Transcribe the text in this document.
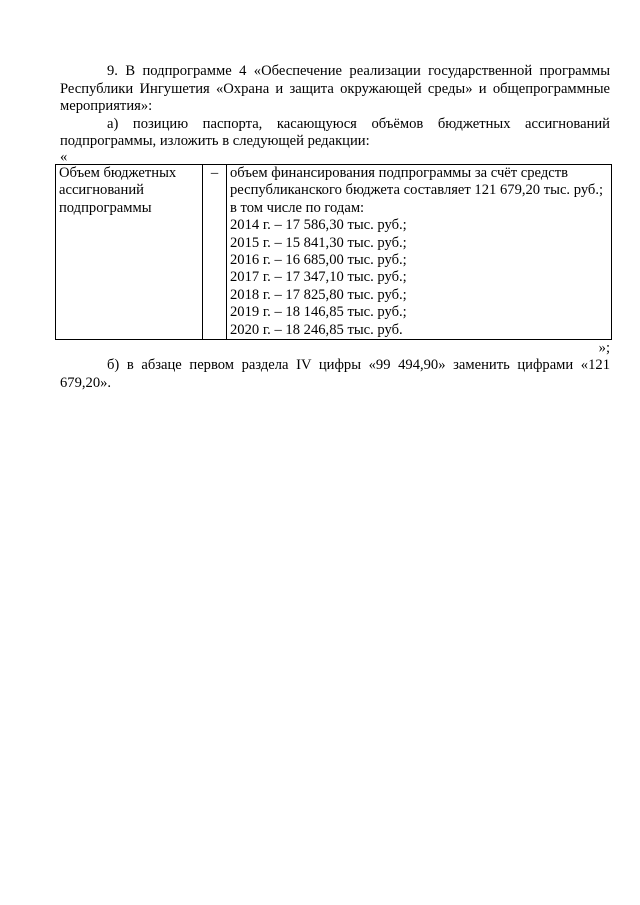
9. В подпрограмме 4 «Обеспечение реализации государственной программы Республики Ингушетия «Охрана и защита окружающей среды» и общепрограммные мероприятия»:

а) позицию паспорта, касающуюся объёмов бюджетных ассигнований подпрограммы, изложить в следующей редакции:

«

Объем бюджетных ассигнований подпрограммы	–	объем финансирования подпрограммы за счёт средств республиканского бюджета составляет 121 679,20 тыс. руб.;
в том числе по годам:
2014 г. – 17 586,30 тыс. руб.;
2015 г. – 15 841,30 тыс. руб.;
2016 г. – 16 685,00 тыс. руб.;
2017 г. – 17 347,10 тыс. руб.;
2018 г. – 17 825,80 тыс. руб.;
2019 г. – 18 146,85 тыс. руб.;
2020 г. – 18 246,85 тыс. руб.

»;

б) в абзаце первом раздела IV цифры «99 494,90» заменить цифрами «121 679,20».
